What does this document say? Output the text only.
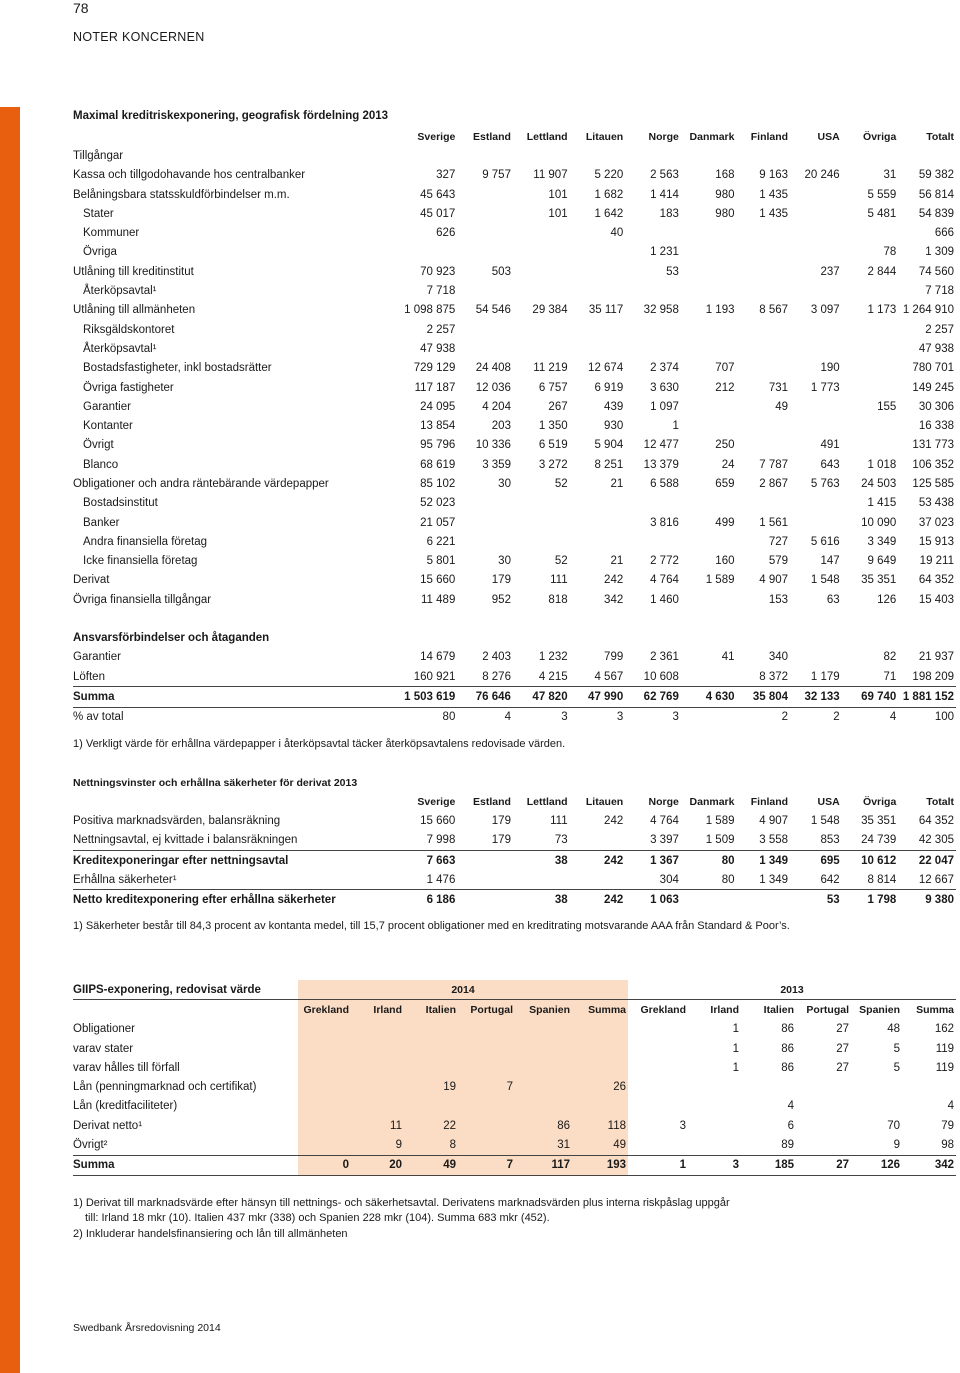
78
NOTER KONCERNEN
Maximal kreditriskexponering, geografisk fördelning 2013
	Sverige	Estland	Lettland	Litauen	Norge	Danmark	Finland	USA	Övriga	Totalt
Tillgångar										
Kassa och tillgodohavande hos centralbanker	327	9 757	11 907	5 220	2 563	168	9 163	20 246	31	59 382
Belåningsbara statsskuldförbindelser m.m.	45 643		101	1 682	1 414	980	1 435		5 559	56 814
Stater	45 017		101	1 642	183	980	1 435		5 481	54 839
Kommuner	626			40						666
Övriga					1 231				78	1 309
Utlåning till kreditinstitut	70 923	503			53			237	2 844	74 560
Återköpsavtal¹	7 718									7 718
Utlåning till allmänheten	1 098 875	54 546	29 384	35 117	32 958	1 193	8 567	3 097	1 173	1 264 910
Riksgäldskontoret	2 257									2 257
Återköpsavtal¹	47 938									47 938
Bostadsfastigheter, inkl bostadsrätter	729 129	24 408	11 219	12 674	2 374	707		190		780 701
Övriga fastigheter	117 187	12 036	6 757	6 919	3 630	212	731	1 773		149 245
Garantier	24 095	4 204	267	439	1 097		49		155	30 306
Kontanter	13 854	203	1 350	930	1					16 338
Övrigt	95 796	10 336	6 519	5 904	12 477	250		491		131 773
Blanco	68 619	3 359	3 272	8 251	13 379	24	7 787	643	1 018	106 352
Obligationer och andra räntebärande värdepapper	85 102	30	52	21	6 588	659	2 867	5 763	24 503	125 585
Bostadsinstitut	52 023								1 415	53 438
Banker	21 057				3 816	499	1 561		10 090	37 023
Andra finansiella företag	6 221						727	5 616	3 349	15 913
Icke finansiella företag	5 801	30	52	21	2 772	160	579	147	9 649	19 211
Derivat	15 660	179	111	242	4 764	1 589	4 907	1 548	35 351	64 352
Övriga finansiella tillgångar	11 489	952	818	342	1 460		153	63	126	15 403

Ansvarsförbindelser och åtaganden										
Garantier	14 679	2 403	1 232	799	2 361	41	340		82	21 937
Löften	160 921	8 276	4 215	4 567	10 608		8 372	1 179	71	198 209
Summa	1 503 619	76 646	47 820	47 990	62 769	4 630	35 804	32 133	69 740	1 881 152
% av total	80	4	3	3	3		2	2	4	100
1) Verkligt värde för erhållna värdepapper i återköpsavtal täcker återköpsavtalens redovisade värden.
Nettningsvinster och erhållna säkerheter för derivat 2013
	Sverige	Estland	Lettland	Litauen	Norge	Danmark	Finland	USA	Övriga	Totalt
Positiva marknadsvärden, balansräkning	15 660	179	111	242	4 764	1 589	4 907	1 548	35 351	64 352
Nettningsavtal, ej kvittade i balansräkningen	7 998	179	73		3 397	1 509	3 558	853	24 739	42 305
Kreditexponeringar efter nettningsavtal	7 663		38	242	1 367	80	1 349	695	10 612	22 047
Erhållna säkerheter¹	1 476				304	80	1 349	642	8 814	12 667
Netto kreditexponering efter erhållna säkerheter	6 186		38	242	1 063			53	1 798	9 380
1) Säkerheter består till 84,3 procent av kontanta medel, till 15,7 procent obligationer med en kreditrating motsvarande AAA från Standard & Poor’s.
GIIPS-exponering, redovisat värde	2014						2013					
	Grekland	Irland	Italien	Portugal	Spanien	Summa	Grekland	Irland	Italien	Portugal	Spanien	Summa
Obligationer								1	86	27	48	162
varav stater								1	86	27	5	119
varav hålles till förfall								1	86	27	5	119
Lån (penningmarknad och certifikat)			19	7		26						
Lån (kreditfaciliteter)									4			4
Derivat netto¹		11	22		86	118	3		6		70	79
Övrigt²		9	8		31	49			89		9	98
Summa	0	20	49	7	117	193	1	3	185	27	126	342
1) Derivat till marknadsvärde efter hänsyn till nettnings- och säkerhetsavtal. Derivatens marknadsvärden plus interna riskpåslag uppgår
till: Irland 18 mkr (10). Italien 437 mkr (338) och Spanien 228 mkr (104). Summa 683 mkr (452).
2) Inkluderar handelsfinansiering och lån till allmänheten
Swedbank Årsredovisning 2014
